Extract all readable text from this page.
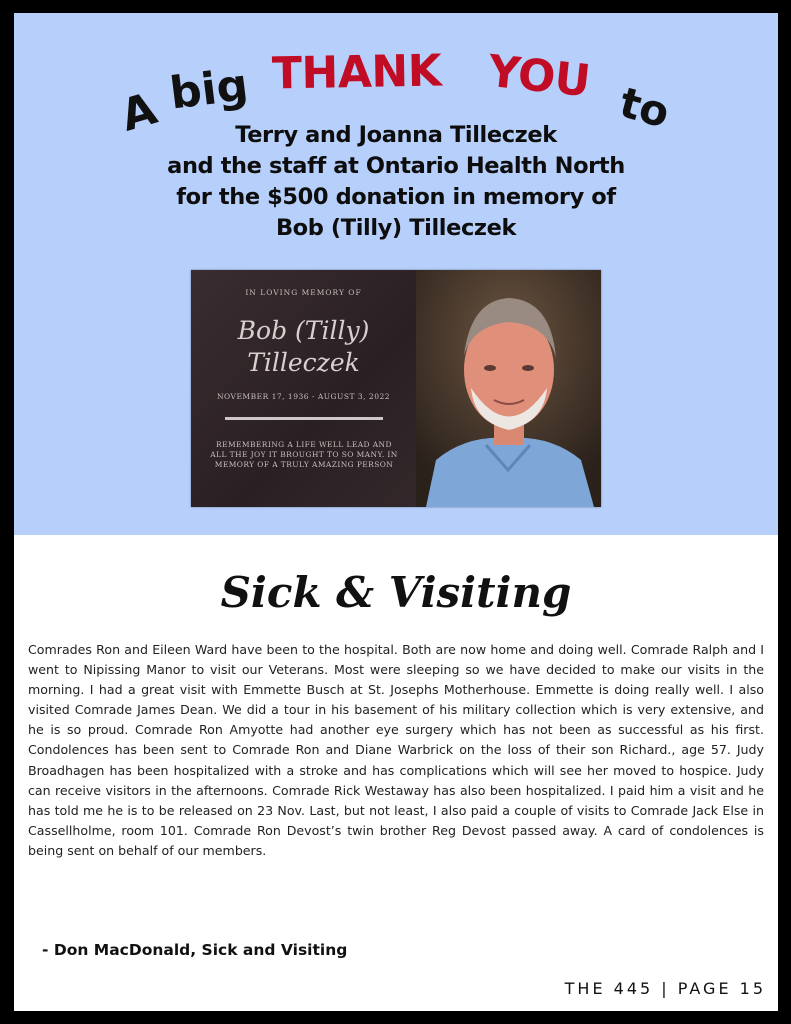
A big THANK YOU
to
Terry and Joanna Tilleczek
and the staff at Ontario Health North
for the $500 donation in memory of
Bob (Tilly) Tilleczek
IN LOVING MEMORY OF
Bob (Tilly)
Tilleczek
NOVEMBER 17, 1936 - AUGUST 3, 2022
REMEMBERING A LIFE WELL LEAD AND ALL THE JOY IT BROUGHT TO SO MANY. IN MEMORY OF A TRULY AMAZING PERSON
Sick & Visiting
Comrades Ron and Eileen Ward have been to the hospital. Both are now home and doing well. Comrade Ralph and I went to Nipissing Manor to visit our Veterans. Most were sleeping so we have decided to make our visits in the morning. I had a great visit with Emmette Busch at St. Josephs Motherhouse. Emmette is doing really well. I also visited Comrade James Dean. We did a tour in his basement of his military collection which is very extensive, and he is so proud. Comrade Ron Amyotte had another eye surgery which has not been as successful as his first. Condolences has been sent to Comrade Ron and Diane Warbrick on the loss of their son Richard., age 57. Judy Broadhagen has been hospitalized with a stroke and has complications which will see her moved to hospice. Judy can receive visitors in the afternoons. Comrade Rick Westaway has also been hospitalized. I paid him a visit and he has told me he is to be released on 23 Nov. Last, but not least, I also paid a couple of visits to Comrade Jack Else in Cassellholme, room 101. Comrade Ron Devost’s twin brother Reg Devost passed away. A card of condolences is being sent on behalf of our members.
- Don MacDonald, Sick and Visiting
THE 445 | PAGE 15
